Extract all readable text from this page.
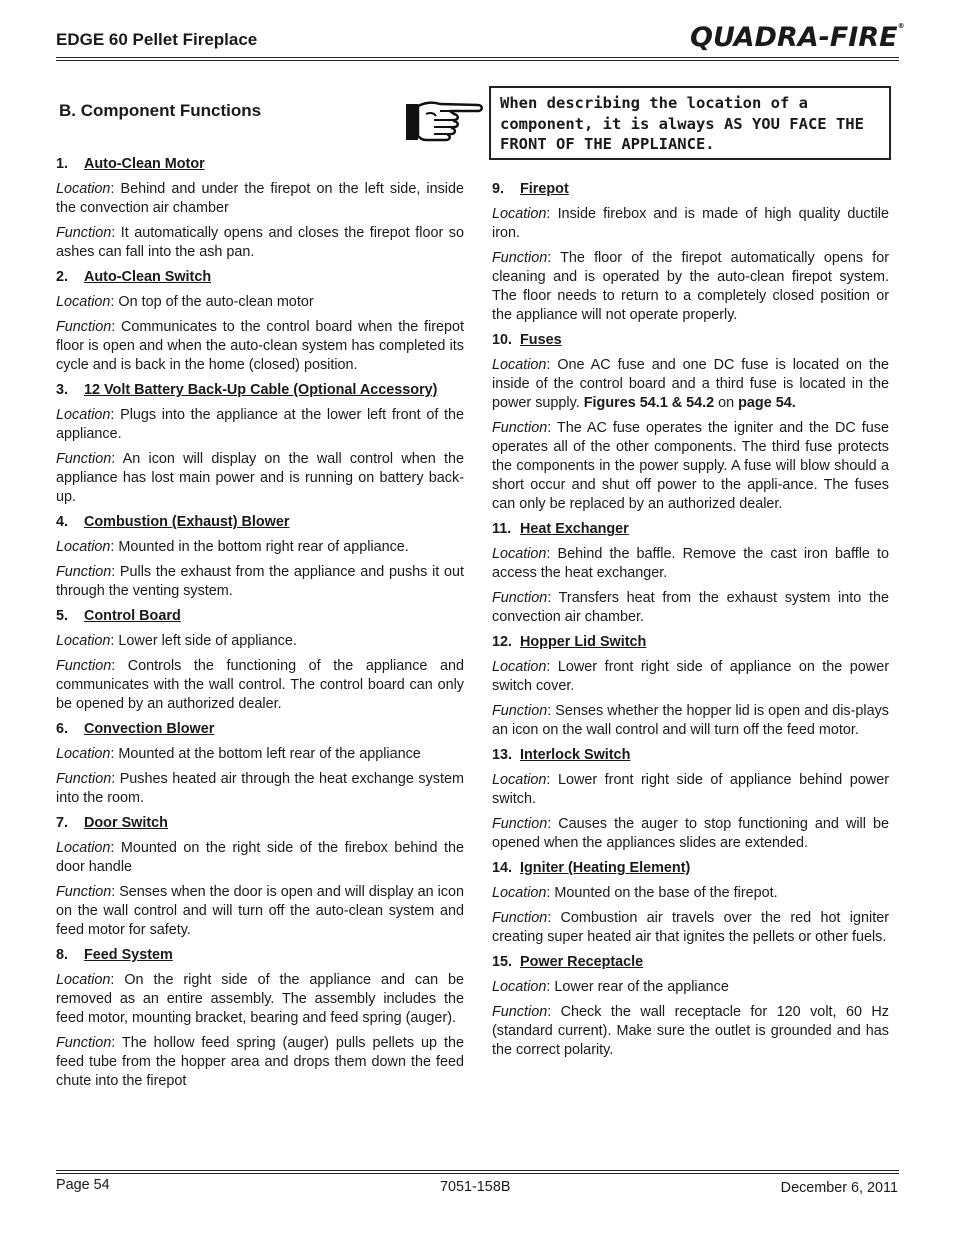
EDGE 60 Pellet Fireplace	QUADRA-FIRE®
B. Component Functions	When describing the location of a component, it is always AS YOU FACE THE FRONT OF THE APPLIANCE.
1. Auto-Clean Motor
Location: Behind and under the firepot on the left side, inside the convection air chamber
Function: It automatically opens and closes the firepot floor so ashes can fall into the ash pan.
2. Auto-Clean Switch
Location: On top of the auto-clean motor
Function: Communicates to the control board when the firepot floor is open and when the auto-clean system has completed its cycle and is back in the home (closed) position.
3. 12 Volt Battery Back-Up Cable (Optional Accessory)
Location: Plugs into the appliance at the lower left front of the appliance.
Function: An icon will display on the wall control when the appliance has lost main power and is running on battery back-up.
4. Combustion (Exhaust) Blower
Location: Mounted in the bottom right rear of appliance.
Function: Pulls the exhaust from the appliance and pushs it out through the venting system.
5. Control Board
Location: Lower left side of appliance.
Function: Controls the functioning of the appliance and communicates with the wall control. The control board can only be opened by an authorized dealer.
6. Convection Blower
Location: Mounted at the bottom left rear of the appliance
Function: Pushes heated air through the heat exchange system into the room.
7. Door Switch
Location: Mounted on the right side of the firebox behind the door handle
Function: Senses when the door is open and will display an icon on the wall control and will turn off the auto-clean system and feed motor for safety.
8. Feed System
Location: On the right side of the appliance and can be removed as an entire assembly. The assembly includes the feed motor, mounting bracket, bearing and feed spring (auger).
Function: The hollow feed spring (auger) pulls pellets up the feed tube from the hopper area and drops them down the feed chute into the firepot
9. Firepot
Location: Inside firebox and is made of high quality ductile iron.
Function: The floor of the firepot automatically opens for cleaning and is operated by the auto-clean firepot system. The floor needs to return to a completely closed position or the appliance will not operate properly.
10. Fuses
Location: One AC fuse and one DC fuse is located on the inside of the control board and a third fuse is located in the power supply. Figures 54.1 & 54.2 on page 54.
Function: The AC fuse operates the igniter and the DC fuse operates all of the other components. The third fuse protects the components in the power supply. A fuse will blow should a short occur and shut off power to the appli-ance. The fuses can only be replaced by an authorized dealer.
11. Heat Exchanger
Location: Behind the baffle. Remove the cast iron baffle to access the heat exchanger.
Function: Transfers heat from the exhaust system into the convection air chamber.
12. Hopper Lid Switch
Location: Lower front right side of appliance on the power switch cover.
Function: Senses whether the hopper lid is open and dis-plays an icon on the wall control and will turn off the feed motor.
13. Interlock Switch
Location: Lower front right side of appliance behind power switch.
Function: Causes the auger to stop functioning and will be opened when the appliances slides are extended.
14. Igniter (Heating Element)
Location: Mounted on the base of the firepot.
Function: Combustion air travels over the red hot igniter creating super heated air that ignites the pellets or other fuels.
15. Power Receptacle
Location: Lower rear of the appliance
Function: Check the wall receptacle for 120 volt, 60 Hz (standard current). Make sure the outlet is grounded and has the correct polarity.
Page 54	7051-158B	December 6, 2011
